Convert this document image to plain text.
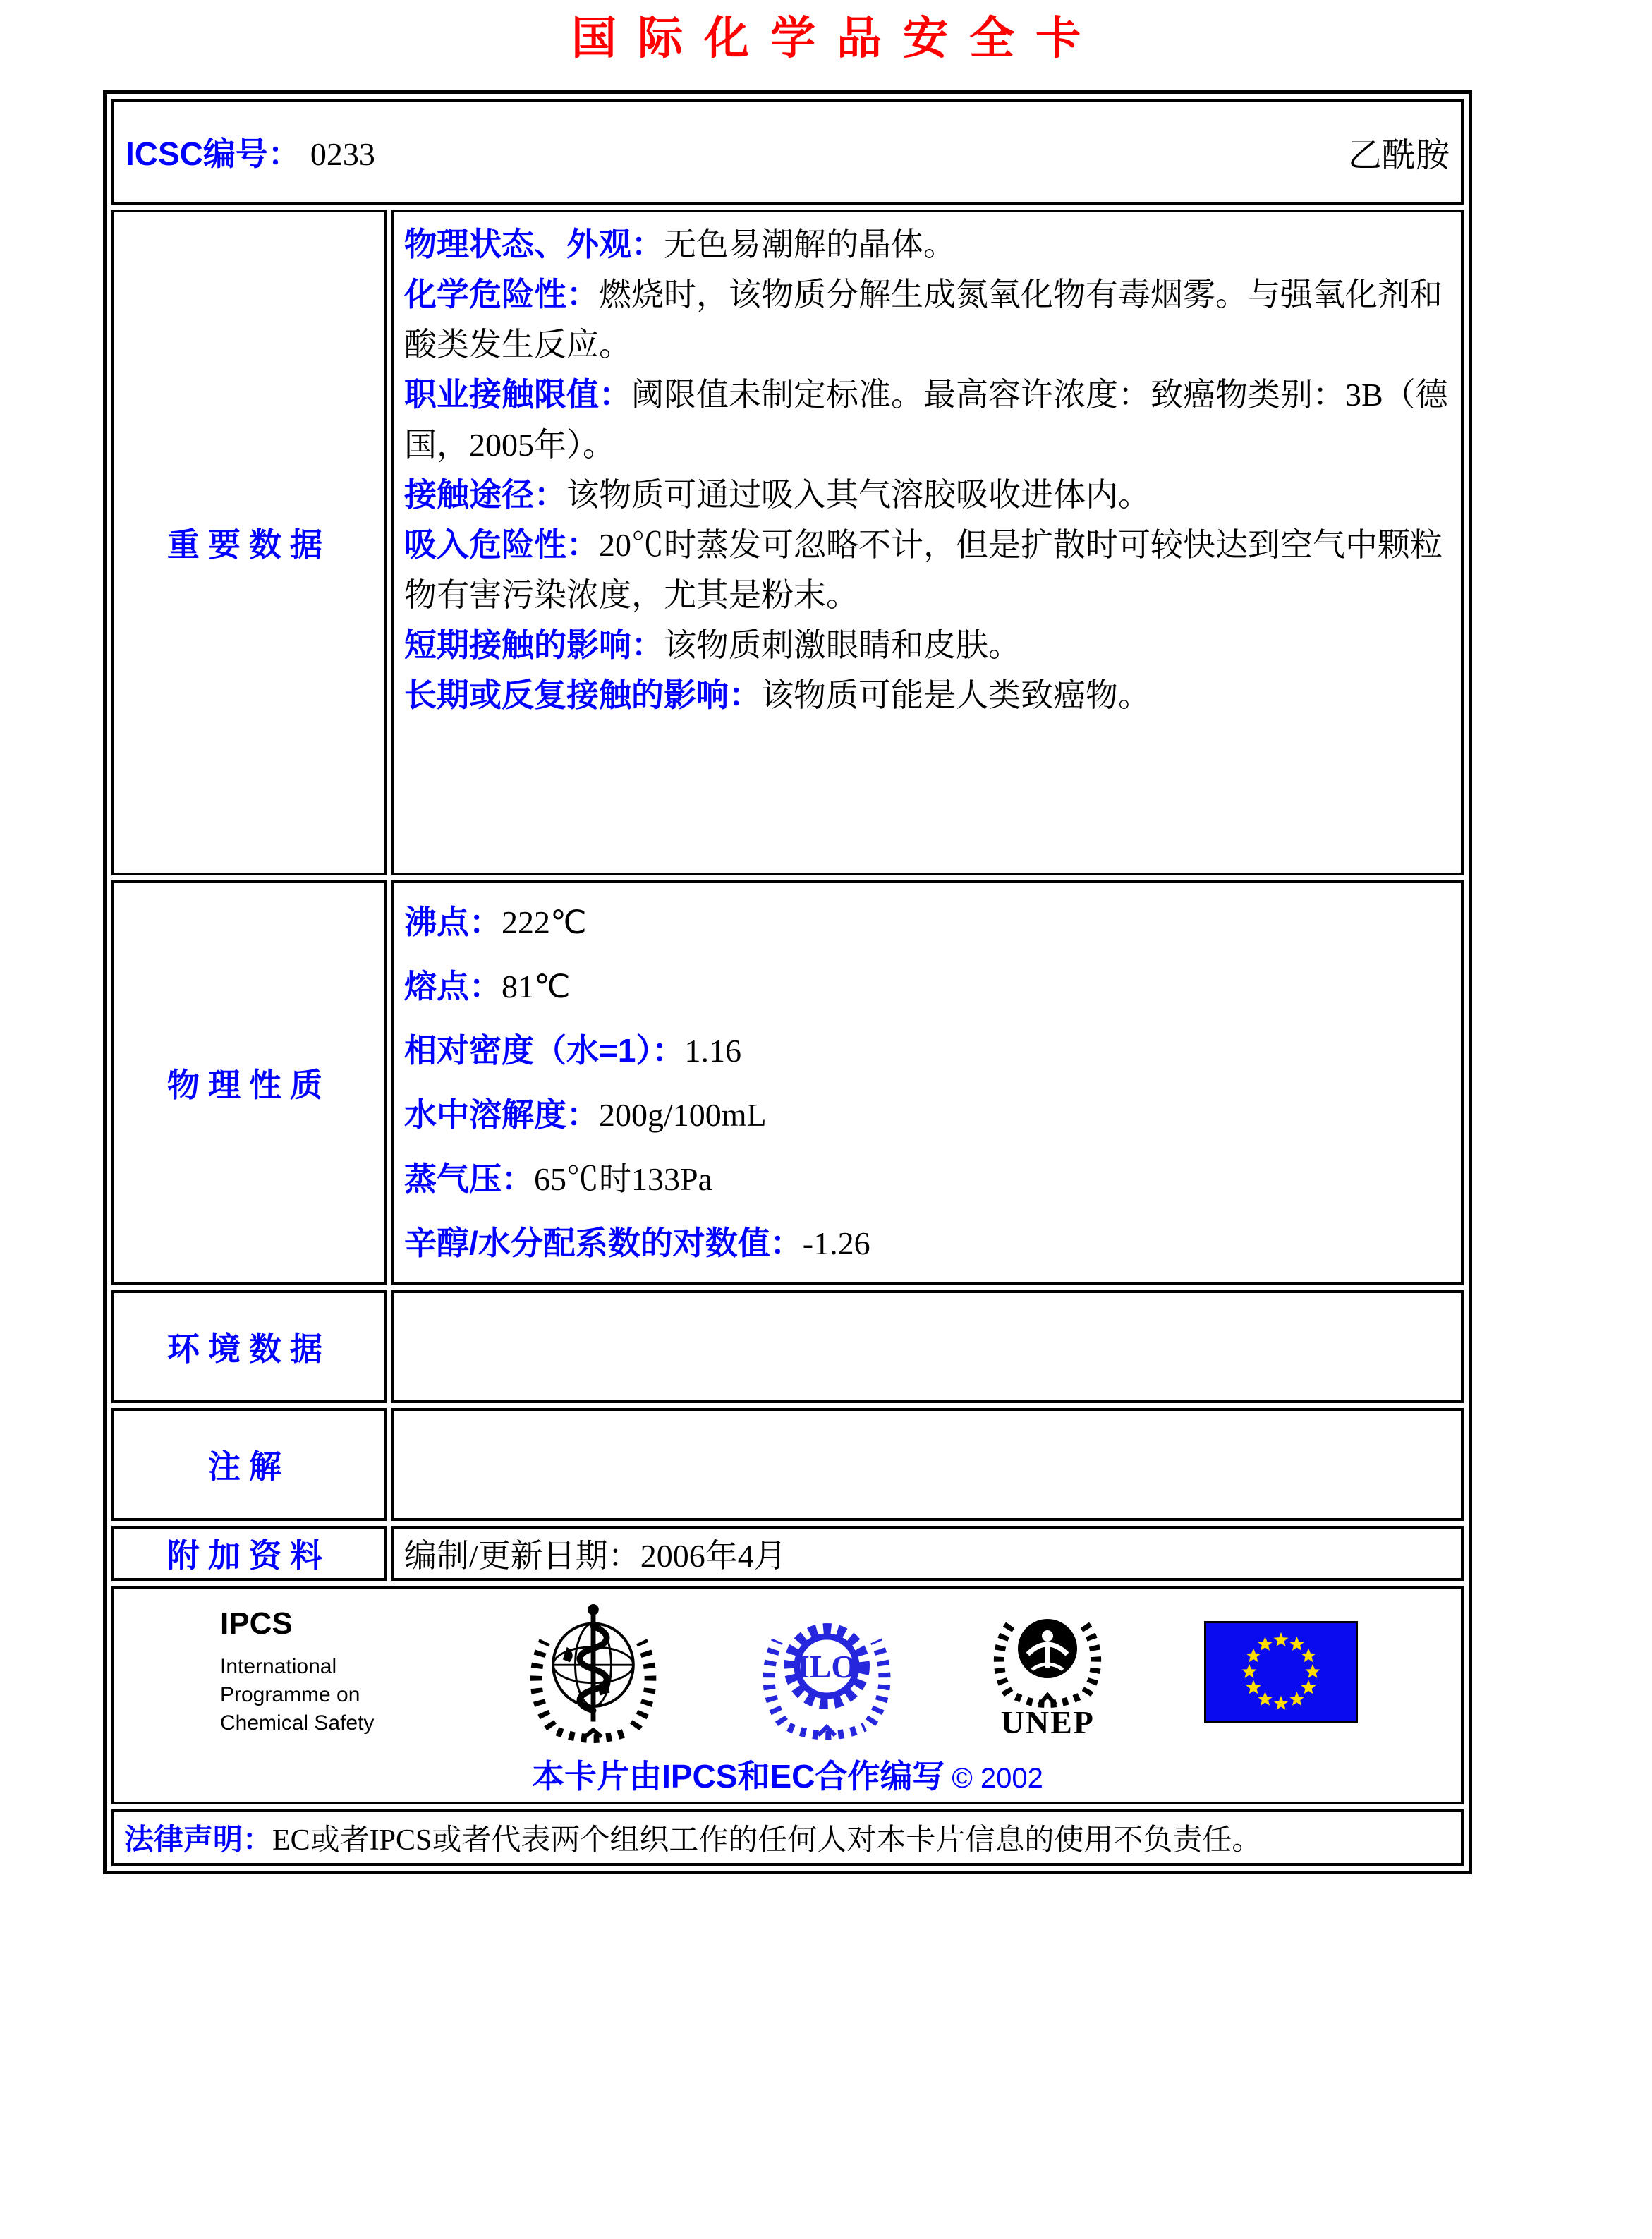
国际化学品安全卡
ICSC编号： 0233 乙酰胺	

重要数据	
物理状态、外观：无色易潮解的晶体。
化学危险性：燃烧时，该物质分解生成氮氧化物有毒烟雾。与强氧化剂和酸类发生反应。
职业接触限值：阈限值未制定标准。最高容许浓度：致癌物类别：3B（德国，2005年）。
接触途径：该物质可通过吸入其气溶胶吸收进体内。
吸入危险性：20℃时蒸发可忽略不计，但是扩散时可较快达到空气中颗粒物有害污染浓度，尤其是粉末。
短期接触的影响：该物质刺激眼睛和皮肤。
长期或反复接触的影响：该物质可能是人类致癌物。

物理性质	
沸点：222℃
熔点：81℃
相对密度（水=1）：1.16
水中溶解度：200g/100mL
蒸气压：65℃时133Pa
辛醇/水分配系数的对数值：-1.26

环境数据	
注解	
附加资料	编制/更新日期：2006年4月

IPCS
International
Programme on
Chemical Safety
ILO
UNEP
本卡片由IPCS和EC合作编写 © 2002

法律声明：EC或者IPCS或者代表两个组织工作的任何人对本卡片信息的使用不负责任。	
